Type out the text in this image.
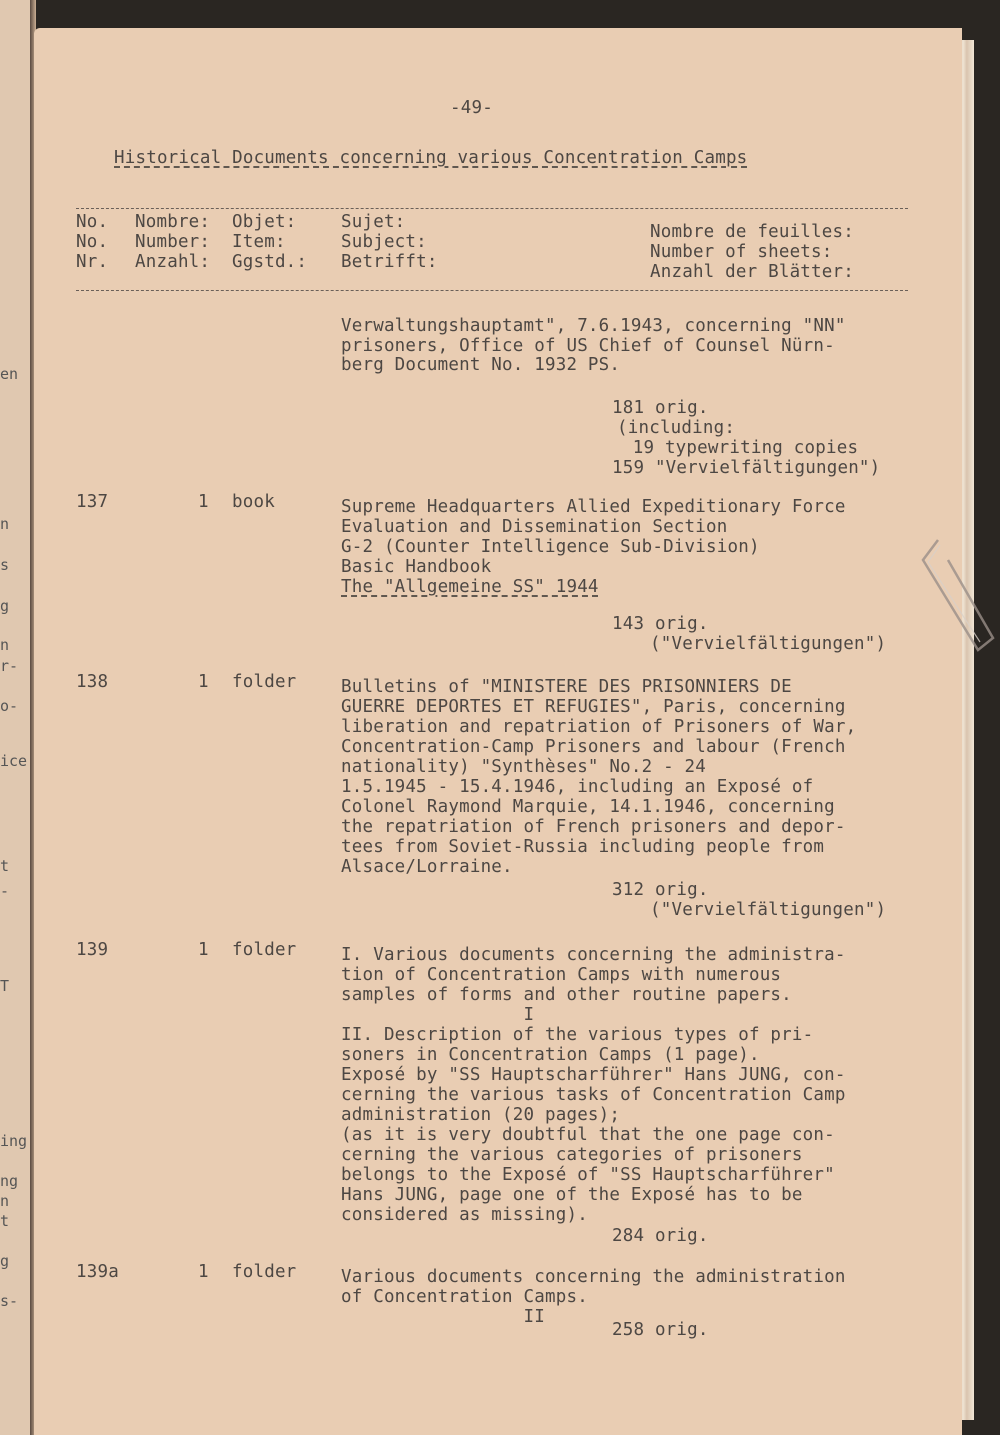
en
n
s
g
n
r-
o-
ice
t
-
T
ing
ng
n
t
g
s-
-49-
Historical Documents concerning various Concentration Camps
No. Nombre: Objet:	Sujet:	Nombre de feuilles:
No. Number: Item:	Subject:	Number of sheets:
Nr. Anzahl: Ggstd.: Betrifft:	Anzahl der Blätter:
Verwaltungshauptamt", 7.6.1943, concerning "NN"
prisoners, Office of US Chief of Counsel Nürn-
berg Document No. 1932 PS.
181 orig.
(including:
19 typewriting copies
159 "Vervielfältigungen")
137	1 book	Supreme Headquarters Allied Expeditionary Force
Evaluation and Dissemination Section
G-2 (Counter Intelligence Sub-Division)
Basic Handbook
The "Allgemeine SS" 1944
143 orig.
("Vervielfältigungen")
138	1 folder	Bulletins of "MINISTERE DES PRISONNIERS DE
GUERRE DEPORTES ET REFUGIES", Paris, concerning
liberation and repatriation of Prisoners of War,
Concentration-Camp Prisoners and labour (French
nationality) "Synthèses" No.2 - 24
1.5.1945 - 15.4.1946, including an Exposé of
Colonel Raymond Marquie, 14.1.1946, concerning
the repatriation of French prisoners and depor-
tees from Soviet-Russia including people from
Alsace/Lorraine.
312 orig.
("Vervielfältigungen")
139	1 folder	I. Various documents concerning the administra-
tion of Concentration Camps with numerous
samples of forms and other routine papers.
I
II. Description of the various types of pri-
soners in Concentration Camps (1 page).
Exposé by "SS Hauptscharführer" Hans JUNG, con-
cerning the various tasks of Concentration Camp
administration (20 pages);
(as it is very doubtful that the one page con-
cerning the various categories of prisoners
belongs to the Exposé of "SS Hauptscharführer"
Hans JUNG, page one of the Exposé has to be
considered as missing).
284 orig.
139a	1 folder	Various documents concerning the administration
of Concentration Camps.
II
258 orig.
